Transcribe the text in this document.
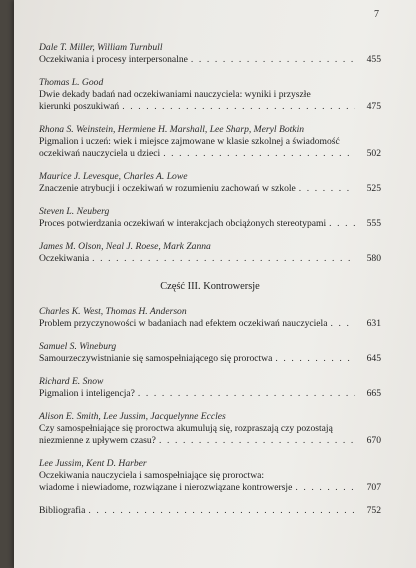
7
Dale T. Miller, William Turnbull
Oczekiwania i procesy interpersonalne . . .	455
Thomas L. Good
Dwie dekady badań nad oczekiwaniami nauczyciela: wyniki i przyszłe
kierunki poszukiwań . . .	475
Rhona S. Weinstein, Hermiene H. Marshall, Lee Sharp, Meryl Botkin
Pigmalion i uczeń: wiek i miejsce zajmowane w klasie szkolnej a świadomość
oczekiwań nauczyciela u dzieci . . .	502
Maurice J. Levesque, Charles A. Lowe
Znaczenie atrybucji i oczekiwań w rozumieniu zachowań w szkole . . .	525
Steven L. Neuberg
Proces potwierdzania oczekiwań w interakcjach obciążonych stereotypami . . .	555
James M. Olson, Neal J. Roese, Mark Zanna
Oczekiwania . . .	580
Część III. Kontrowersje
Charles K. West, Thomas H. Anderson
Problem przyczynowości w badaniach nad efektem oczekiwań nauczyciela . . .	631
Samuel S. Wineburg
Samourzeczywistnianie się samospełniającego się proroctwa . . .	645
Richard E. Snow
Pigmalion i inteligencja? . . .	665
Alison E. Smith, Lee Jussim, Jacquelynne Eccles
Czy samospełniające się proroctwa akumulują się, rozpraszają czy pozostają
niezmienne z upływem czasu? . . .	670
Lee Jussim, Kent D. Harber
Oczekiwania nauczyciela i samospełniające się proroctwa:
wiadome i niewiadome, rozwiązane i nierozwiązane kontrowersje . . .	707
Bibliografia . . .	752
